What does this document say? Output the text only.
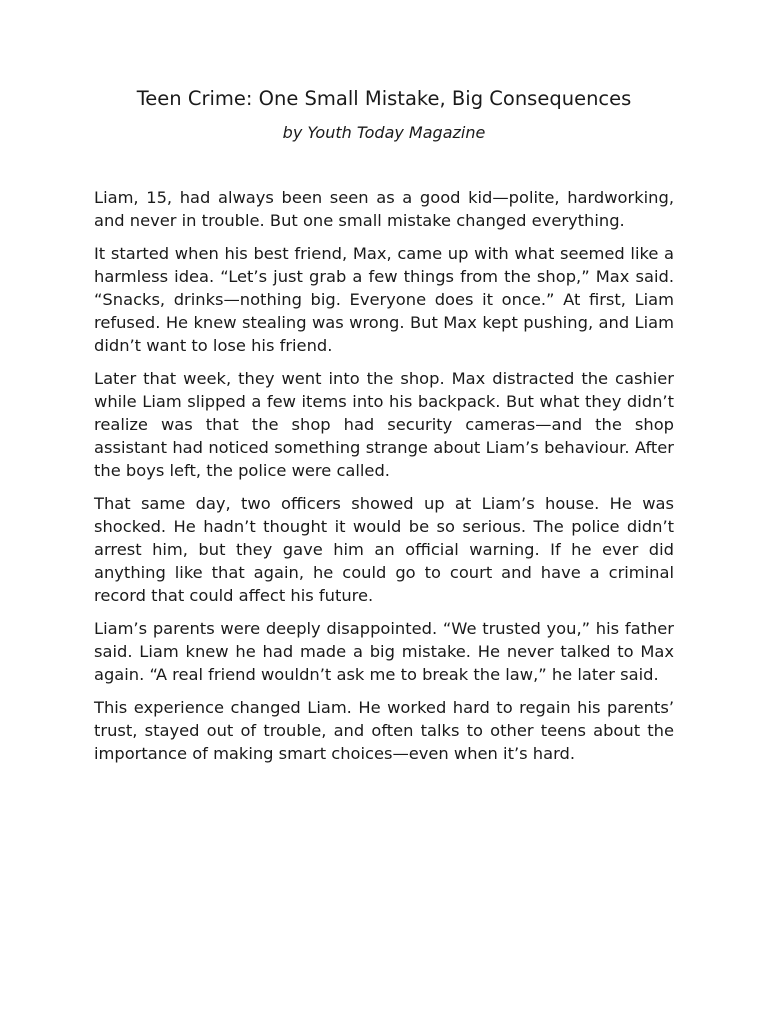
Teen Crime: One Small Mistake, Big Consequences
by Youth Today Magazine

Liam, 15, had always been seen as a good kid—polite, hardworking, and never in trouble. But one small mistake changed everything.

It started when his best friend, Max, came up with what seemed like a harmless idea. “Let’s just grab a few things from the shop,” Max said. “Snacks, drinks—nothing big. Everyone does it once.” At first, Liam refused. He knew stealing was wrong. But Max kept pushing, and Liam didn’t want to lose his friend.

Later that week, they went into the shop. Max distracted the cashier while Liam slipped a few items into his backpack. But what they didn’t realize was that the shop had security cameras—and the shop assistant had noticed something strange about Liam’s behaviour. After the boys left, the police were called.

That same day, two officers showed up at Liam’s house. He was shocked. He hadn’t thought it would be so serious. The police didn’t arrest him, but they gave him an official warning. If he ever did anything like that again, he could go to court and have a criminal record that could affect his future.

Liam’s parents were deeply disappointed. “We trusted you,” his father said. Liam knew he had made a big mistake. He never talked to Max again. “A real friend wouldn’t ask me to break the law,” he later said.

This experience changed Liam. He worked hard to regain his parents’ trust, stayed out of trouble, and often talks to other teens about the importance of making smart choices—even when it’s hard.
